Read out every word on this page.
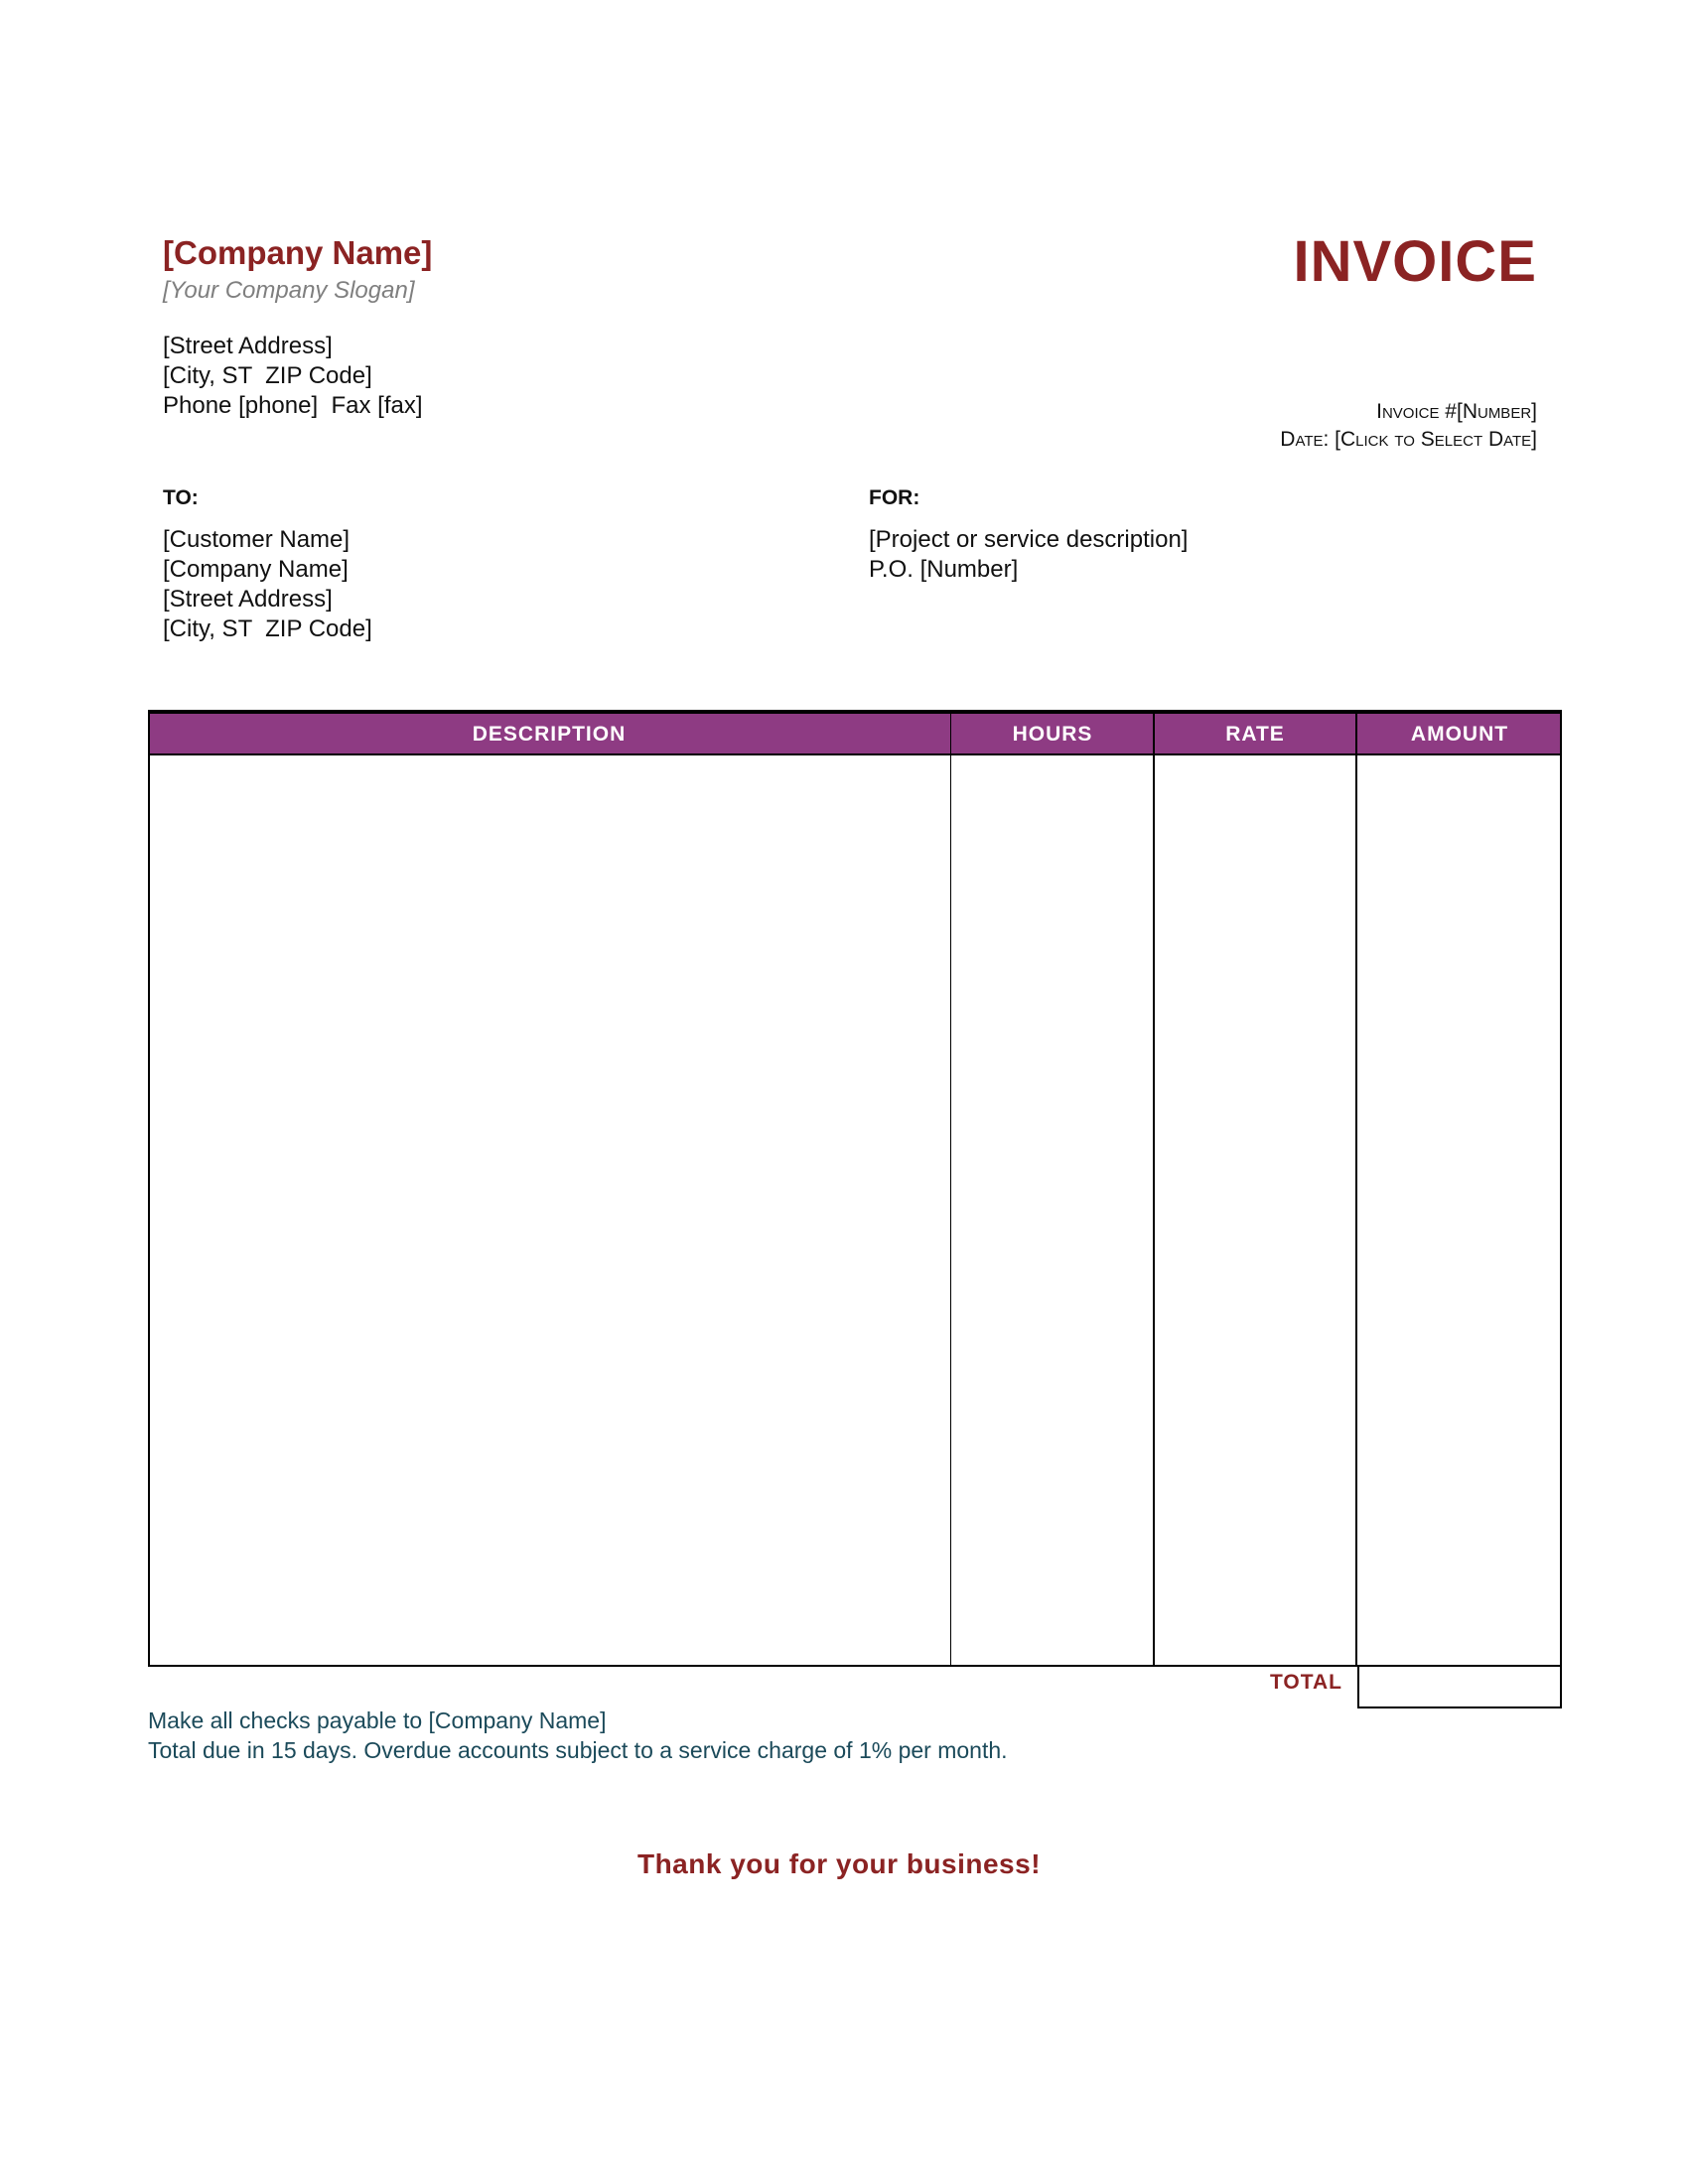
[Company Name]
[Your Company Slogan]
[Street Address]
[City, ST  ZIP Code]
Phone [phone]  Fax [fax]
INVOICE
Invoice #[Number]
Date: [Click to Select Date]
TO:
[Customer Name]
[Company Name]
[Street Address]
[City, ST  ZIP Code]
FOR:
[Project or service description]
P.O. [Number]
DESCRIPTION	HOURS	RATE	AMOUNT
TOTAL
Make all checks payable to [Company Name]
Total due in 15 days. Overdue accounts subject to a service charge of 1% per month.
Thank you for your business!
